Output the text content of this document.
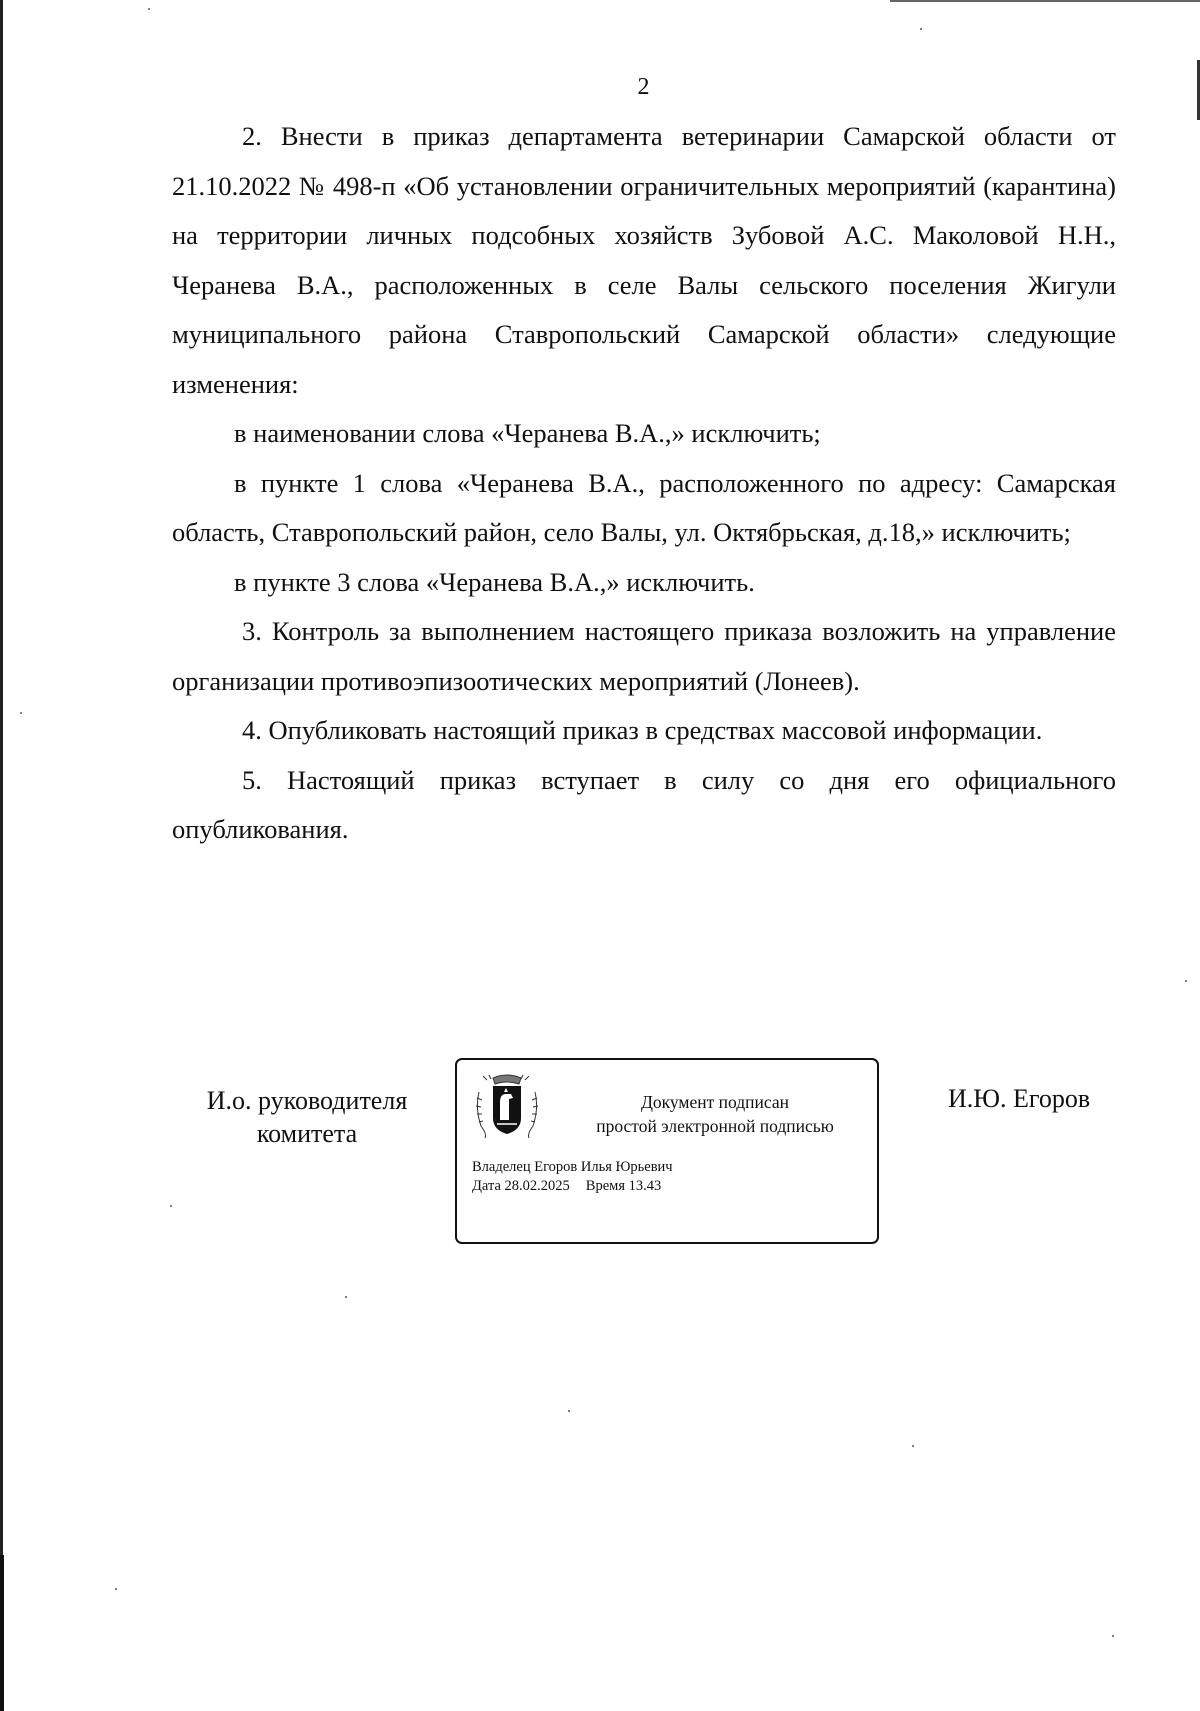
2

2. Внести в приказ департамента ветеринарии Самарской области от 21.10.2022 № 498-п «Об установлении ограничительных мероприятий (карантина) на территории личных подсобных хозяйств Зубовой А.С. Маколовой Н.Н., Черанева В.А., расположенных в селе Валы сельского поселения Жигули муниципального района Ставропольский Самарской области» следующие изменения:

в наименовании слова «Черанева В.А.,» исключить;

в пункте 1 слова «Черанева В.А., расположенного по адресу: Самарская область, Ставропольский район, село Валы, ул. Октябрьская, д.18,» исключить;

в пункте 3 слова «Черанева В.А.,» исключить.

3. Контроль за выполнением настоящего приказа возложить на управление организации противоэпизоотических мероприятий (Лонеев).

4. Опубликовать настоящий приказ в средствах массовой информации.

5. Настоящий приказ вступает в силу со дня его официального опубликования.

И.о. руководителя
комитета
Документ подписан
простой электронной подписью
Владелец Егоров Илья Юрьевич
Дата 28.02.2025 Время 13.43
И.Ю. Егоров
